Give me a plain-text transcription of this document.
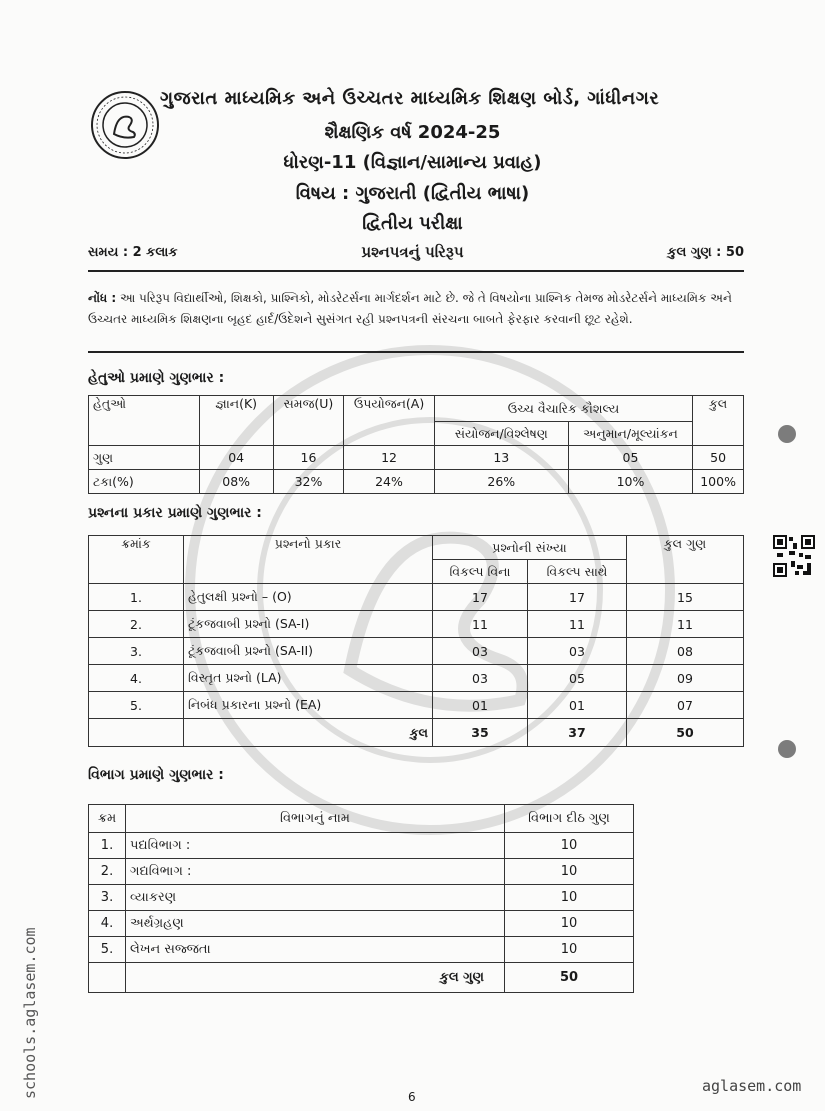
ગુજરાત માધ્યમિક અને ઉચ્ચતર માધ્યમિક શિક્ષણ બોર્ડ, ગાંધીનગર
શૈક્ષણિક વર્ષ 2024-25
ધોરણ-11 (વિજ્ઞાન/સામાન્ય પ્રવાહ)
વિષય : ગુજરાતી (દ્વિતીય ભાષા)
દ્વિતીય પરીક્ષા
સમય : 2 કલાક	પ્રશ્નપત્રનું પરિરૂપ	કુલ ગુણ : 50
નોંધ : આ પરિરૂપ વિદ્યાર્થીઓ, શિક્ષકો, પ્રાશ્નિકો, મોડરેટર્સના માર્ગદર્શન માટે છે. જે તે વિષયોના પ્રાશ્નિક તેમજ મોડરેટર્સને માધ્યમિક અને ઉચ્ચતર માધ્યમિક શિક્ષણના બૃહદ હાર્દ/ઉદેશને સુસંગત રહી પ્રશ્નપત્રની સંરચના બાબતે ફેરફાર કરવાની છૂટ રહેશે.
હેતુઓ પ્રમાણે ગુણભાર :
હેતુઓ	જ્ઞાન(K)	સમજ(U)	ઉપયોજન(A)	ઉચ્ચ વૈચારિક કૌશલ્ય		કુલ
				સંયોજન/વિશ્લેષણ	અનુમાન/મૂલ્યાંકન	
ગુણ	04	16	12	13	05	50
ટકા(%)	08%	32%	24%	26%	10%	100%
પ્રશ્નના પ્રકાર પ્રમાણે ગુણભાર :
ક્રમાંક	પ્રશ્નનો પ્રકાર	પ્રશ્નોની સંખ્યા		કુલ ગુણ
		વિકલ્પ વિના	વિકલ્પ સાથે	
1.	હેતુલક્ષી પ્રશ્નો – (O)	17	17	15
2.	ટૂંકજવાબી પ્રશ્નો (SA-I)	11	11	11
3.	ટૂંકજવાબી પ્રશ્નો (SA-II)	03	03	08
4.	વિસ્તૃત પ્રશ્નો (LA)	03	05	09
5.	નિબંધ પ્રકારના પ્રશ્નો (EA)	01	01	07
	કુલ	35	37	50
વિભાગ પ્રમાણે ગુણભાર :
ક્રમ	વિભાગનું નામ	વિભાગ દીઠ ગુણ
1.	પદ્યવિભાગ :	10
2.	ગદ્યવિભાગ :	10
3.	વ્યાકરણ	10
4.	અર્થગ્રહણ	10
5.	લેખન સજ્જતા	10
	કુલ ગુણ	50
schools.aglasem.com	aglasem.com
6
